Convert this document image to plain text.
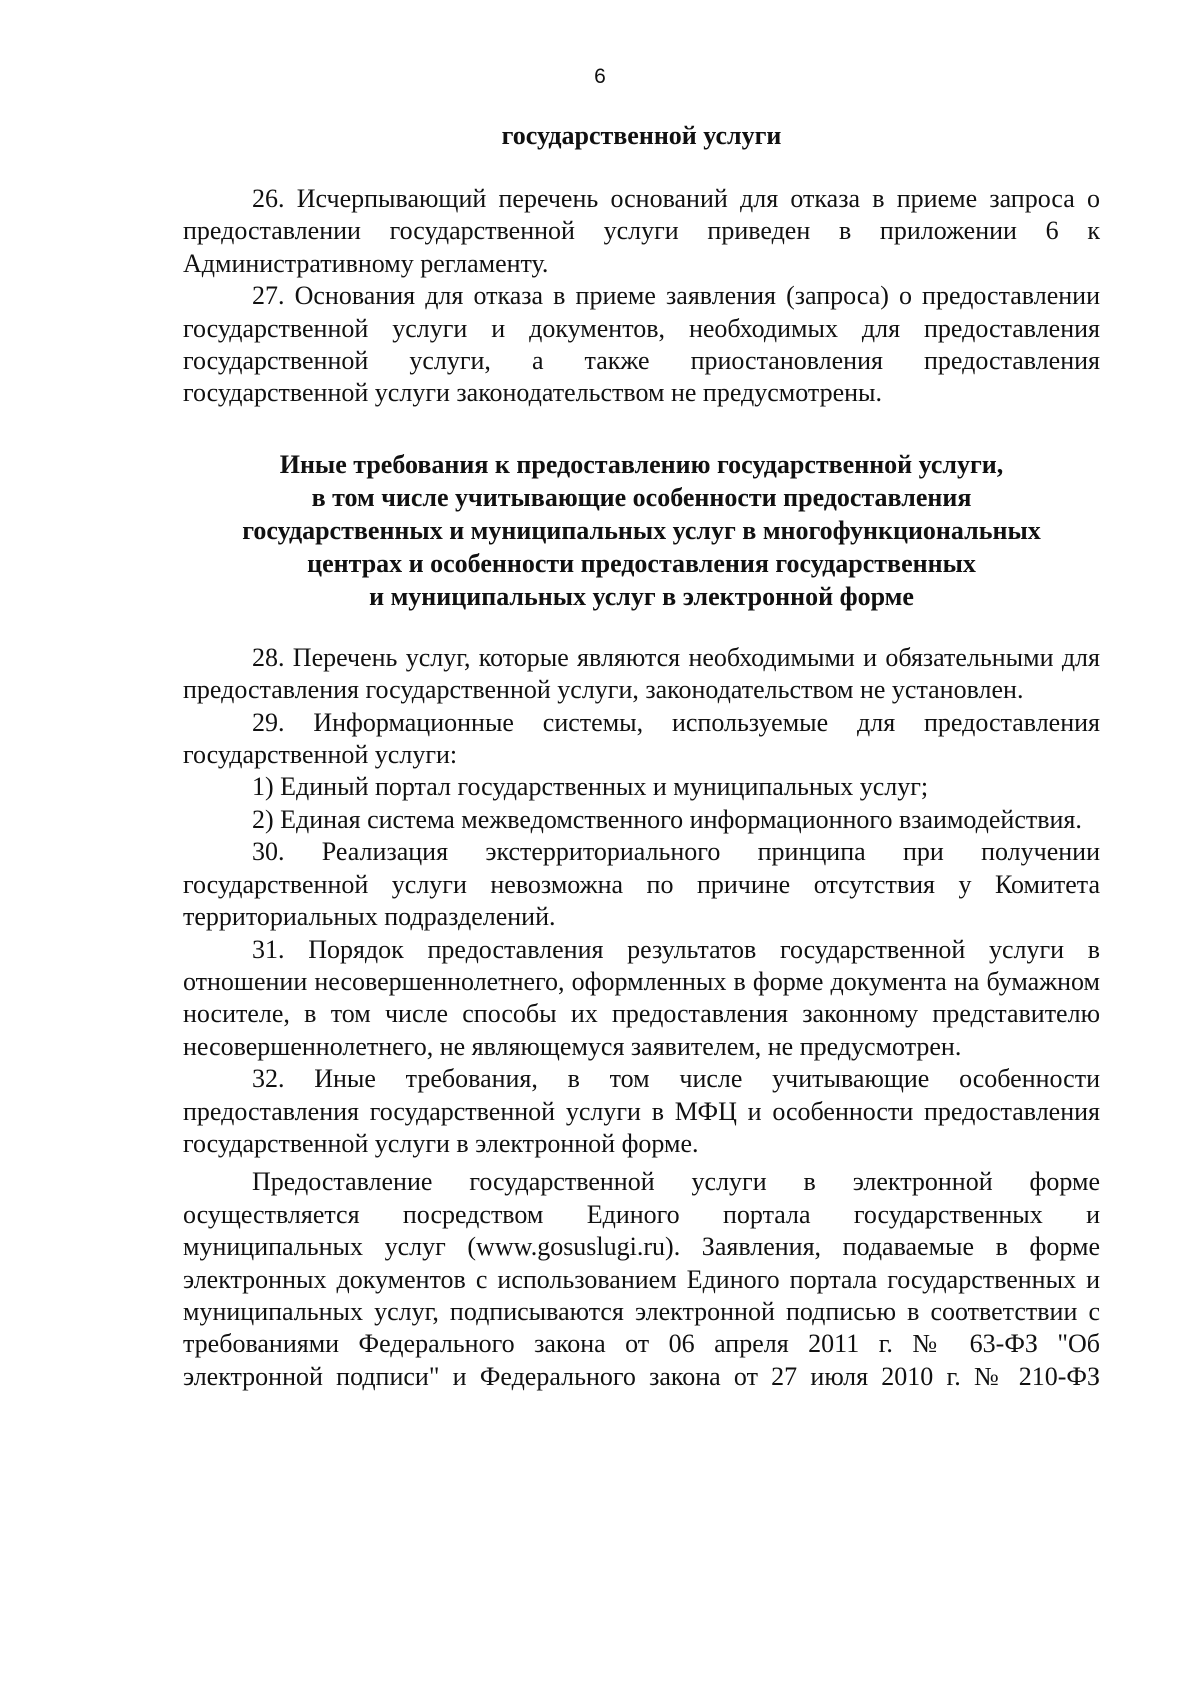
6

государственной услуги

26. Исчерпывающий перечень оснований для отказа в приеме запроса о предоставлении государственной услуги приведен в приложении 6 к Административному регламенту.

27. Основания для отказа в приеме заявления (запроса) о предоставлении государственной услуги и документов, необходимых для предоставления государственной услуги, а также приостановления предоставления государственной услуги законодательством не предусмотрены.

Иные требования к предоставлению государственной услуги,
в том числе учитывающие особенности предоставления
государственных и муниципальных услуг в многофункциональных
центрах и особенности предоставления государственных
и муниципальных услуг в электронной форме

28. Перечень услуг, которые являются необходимыми и обязательными для предоставления государственной услуги, законодательством не установлен.

29. Информационные системы, используемые для предоставления государственной услуги:

1) Единый портал государственных и муниципальных услуг;

2) Единая система межведомственного информационного взаимодействия.

30. Реализация экстерриториального принципа при получении государственной услуги невозможна по причине отсутствия у Комитета территориальных подразделений.

31. Порядок предоставления результатов государственной услуги в отношении несовершеннолетнего, оформленных в форме документа на бумажном носителе, в том числе способы их предоставления законному представителю несовершеннолетнего, не являющемуся заявителем, не предусмотрен.

32. Иные требования, в том числе учитывающие особенности предоставления государственной услуги в МФЦ и особенности предоставления государственной услуги в электронной форме.

Предоставление государственной услуги в электронной форме осуществляется посредством Единого портала государственных и муниципальных услуг (www.gosuslugi.ru). Заявления, подаваемые в форме электронных документов с использованием Единого портала государственных и муниципальных услуг, подписываются электронной подписью в соответствии с требованиями Федерального закона от 06 апреля 2011 г. № 63-ФЗ "Об электронной подписи" и Федерального закона от 27 июля 2010 г. № 210-ФЗ
